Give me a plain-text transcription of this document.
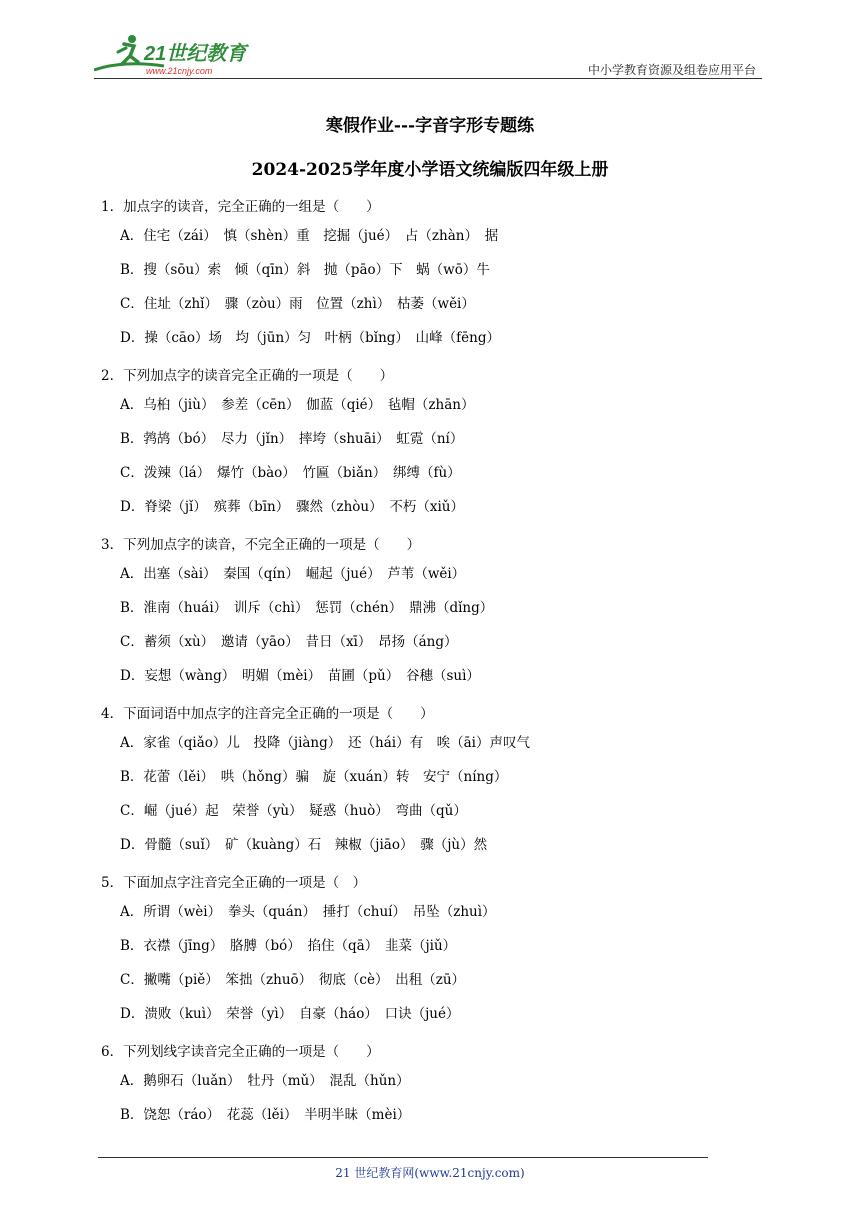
21世纪教育
www.21cnjy.com	中小学教育资源及组卷应用平台
寒假作业---字音字形专题练
2024-2025学年度小学语文统编版四年级上册
1．加点字的读音，完全正确的一组是（　　）
A．住宅（zái）　慎（shèn）重　挖掘（jué）　占（zhàn）　据
B．搜（sōu）索　倾（qīn）斜　抛（pāo）下　蜗（wō）牛
C．住址（zhǐ）　骤（zòu）雨　位置（zhì）　枯萎（wěi）
D．操（cāo）场　均（jūn）匀　叶柄（bǐng）　山峰（fēng）
2．下列加点字的读音完全正确的一项是（　　）
A．乌桕（jiù）　参差（cēn）　伽蓝（qié）　毡帽（zhān）
B．鹁鸪（bó）　尽力（jǐn）　摔垮（shuāi）　虹霓（ní）
C．泼辣（lá）　爆竹（bào）　竹匾（biǎn）　绑缚（fù）
D．脊梁（jǐ）　殡葬（bīn）　骤然（zhòu）　不朽（xiǔ）
3．下列加点字的读音，不完全正确的一项是（　　）
A．出塞（sài）　秦国（qín）　崛起（jué）　芦苇（wěi）
B．淮南（huái）　训斥（chì）　惩罚（chén）　鼎沸（dǐng）
C．蓄须（xù）　邀请（yāo）　昔日（xī）　昂扬（áng）
D．妄想（wàng）　明媚（mèi）　苗圃（pǔ）　谷穗（suì）
4．下面词语中加点字的注音完全正确的一项是（　　）
A．家雀（qiǎo）儿　投降（jiàng）　还（hái）有　唉（āi）声叹气
B．花蕾（lěi）　哄（hǒng）骗　旋（xuán）转　安宁（níng）
C．崛（jué）起　荣誉（yù）　疑惑（huò）　弯曲（qǔ）
D．骨髓（suǐ）　矿（kuàng）石　辣椒（jiāo）　骤（jù）然
5．下面加点字注音完全正确的一项是（　）
A．所谓（wèi）　拳头（quán）　捶打（chuí）　吊坠（zhuì）
B．衣襟（jīng）　胳膊（bó）　掐住（qā）　韭菜（jiǔ）
C．撇嘴（piě）　笨拙（zhuō）　彻底（cè）　出租（zū）
D．溃败（kuì）　荣誉（yì）　自豪（háo）　口诀（jué）
6．下列划线字读音完全正确的一项是（　　）
A．鹅卵石（luǎn）　牡丹（mǔ）　混乱（hǔn）
B．饶恕（ráo）　花蕊（lěi）　半明半昧（mèi）
21 世纪教育网(www.21cnjy.com)
